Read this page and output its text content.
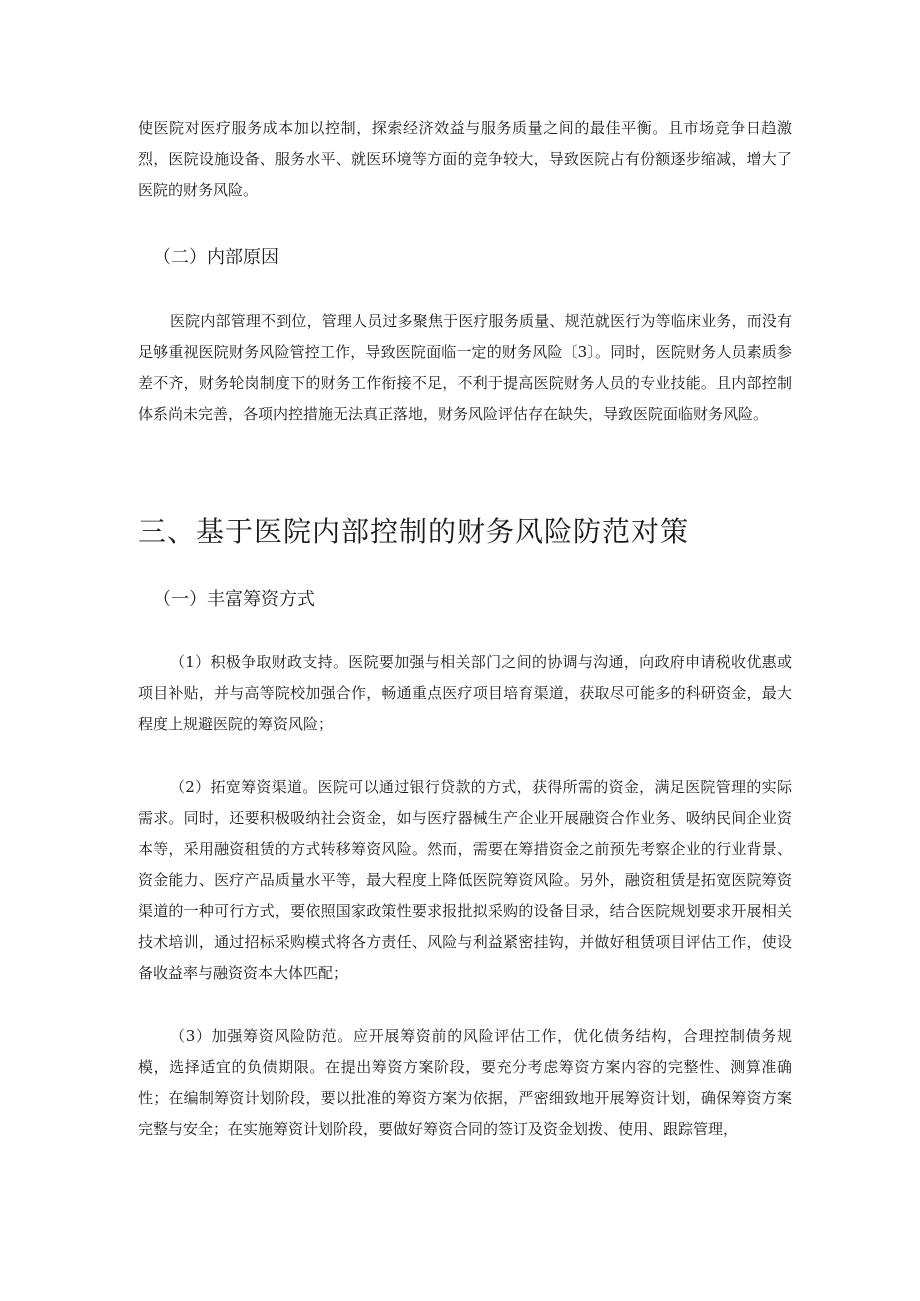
使医院对医疗服务成本加以控制，探索经济效益与服务质量之间的最佳平衡。且市场竞争日趋激烈，医院设施设备、服务水平、就医环境等方面的竞争较大，导致医院占有份额逐步缩减，增大了医院的财务风险。

（二）内部原因

医院内部管理不到位，管理人员过多聚焦于医疗服务质量、规范就医行为等临床业务，而没有足够重视医院财务风险管控工作，导致医院面临一定的财务风险〔3〕。同时，医院财务人员素质参差不齐，财务轮岗制度下的财务工作衔接不足，不利于提高医院财务人员的专业技能。且内部控制体系尚未完善，各项内控措施无法真正落地，财务风险评估存在缺失，导致医院面临财务风险。

三、基于医院内部控制的财务风险防范对策
（一）丰富筹资方式

（1）积极争取财政支持。医院要加强与相关部门之间的协调与沟通，向政府申请税收优惠或项目补贴，并与高等院校加强合作，畅通重点医疗项目培育渠道，获取尽可能多的科研资金，最大程度上规避医院的筹资风险；

（2）拓宽筹资渠道。医院可以通过银行贷款的方式，获得所需的资金，满足医院管理的实际需求。同时，还要积极吸纳社会资金，如与医疗器械生产企业开展融资合作业务、吸纳民间企业资本等，采用融资租赁的方式转移筹资风险。然而，需要在筹措资金之前预先考察企业的行业背景、资金能力、医疗产品质量水平等，最大程度上降低医院筹资风险。另外，融资租赁是拓宽医院筹资渠道的一种可行方式，要依照国家政策性要求报批拟采购的设备目录，结合医院规划要求开展相关技术培训，通过招标采购模式将各方责任、风险与利益紧密挂钩，并做好租赁项目评估工作，使设备收益率与融资资本大体匹配；

（3）加强筹资风险防范。应开展筹资前的风险评估工作，优化债务结构，合理控制债务规模，选择适宜的负债期限。在提出筹资方案阶段，要充分考虑筹资方案内容的完整性、测算准确性；在编制筹资计划阶段，要以批准的筹资方案为依据，严密细致地开展筹资计划，确保筹资方案完整与安全；在实施筹资计划阶段，要做好筹资合同的签订及资金划拨、使用、跟踪管理，
